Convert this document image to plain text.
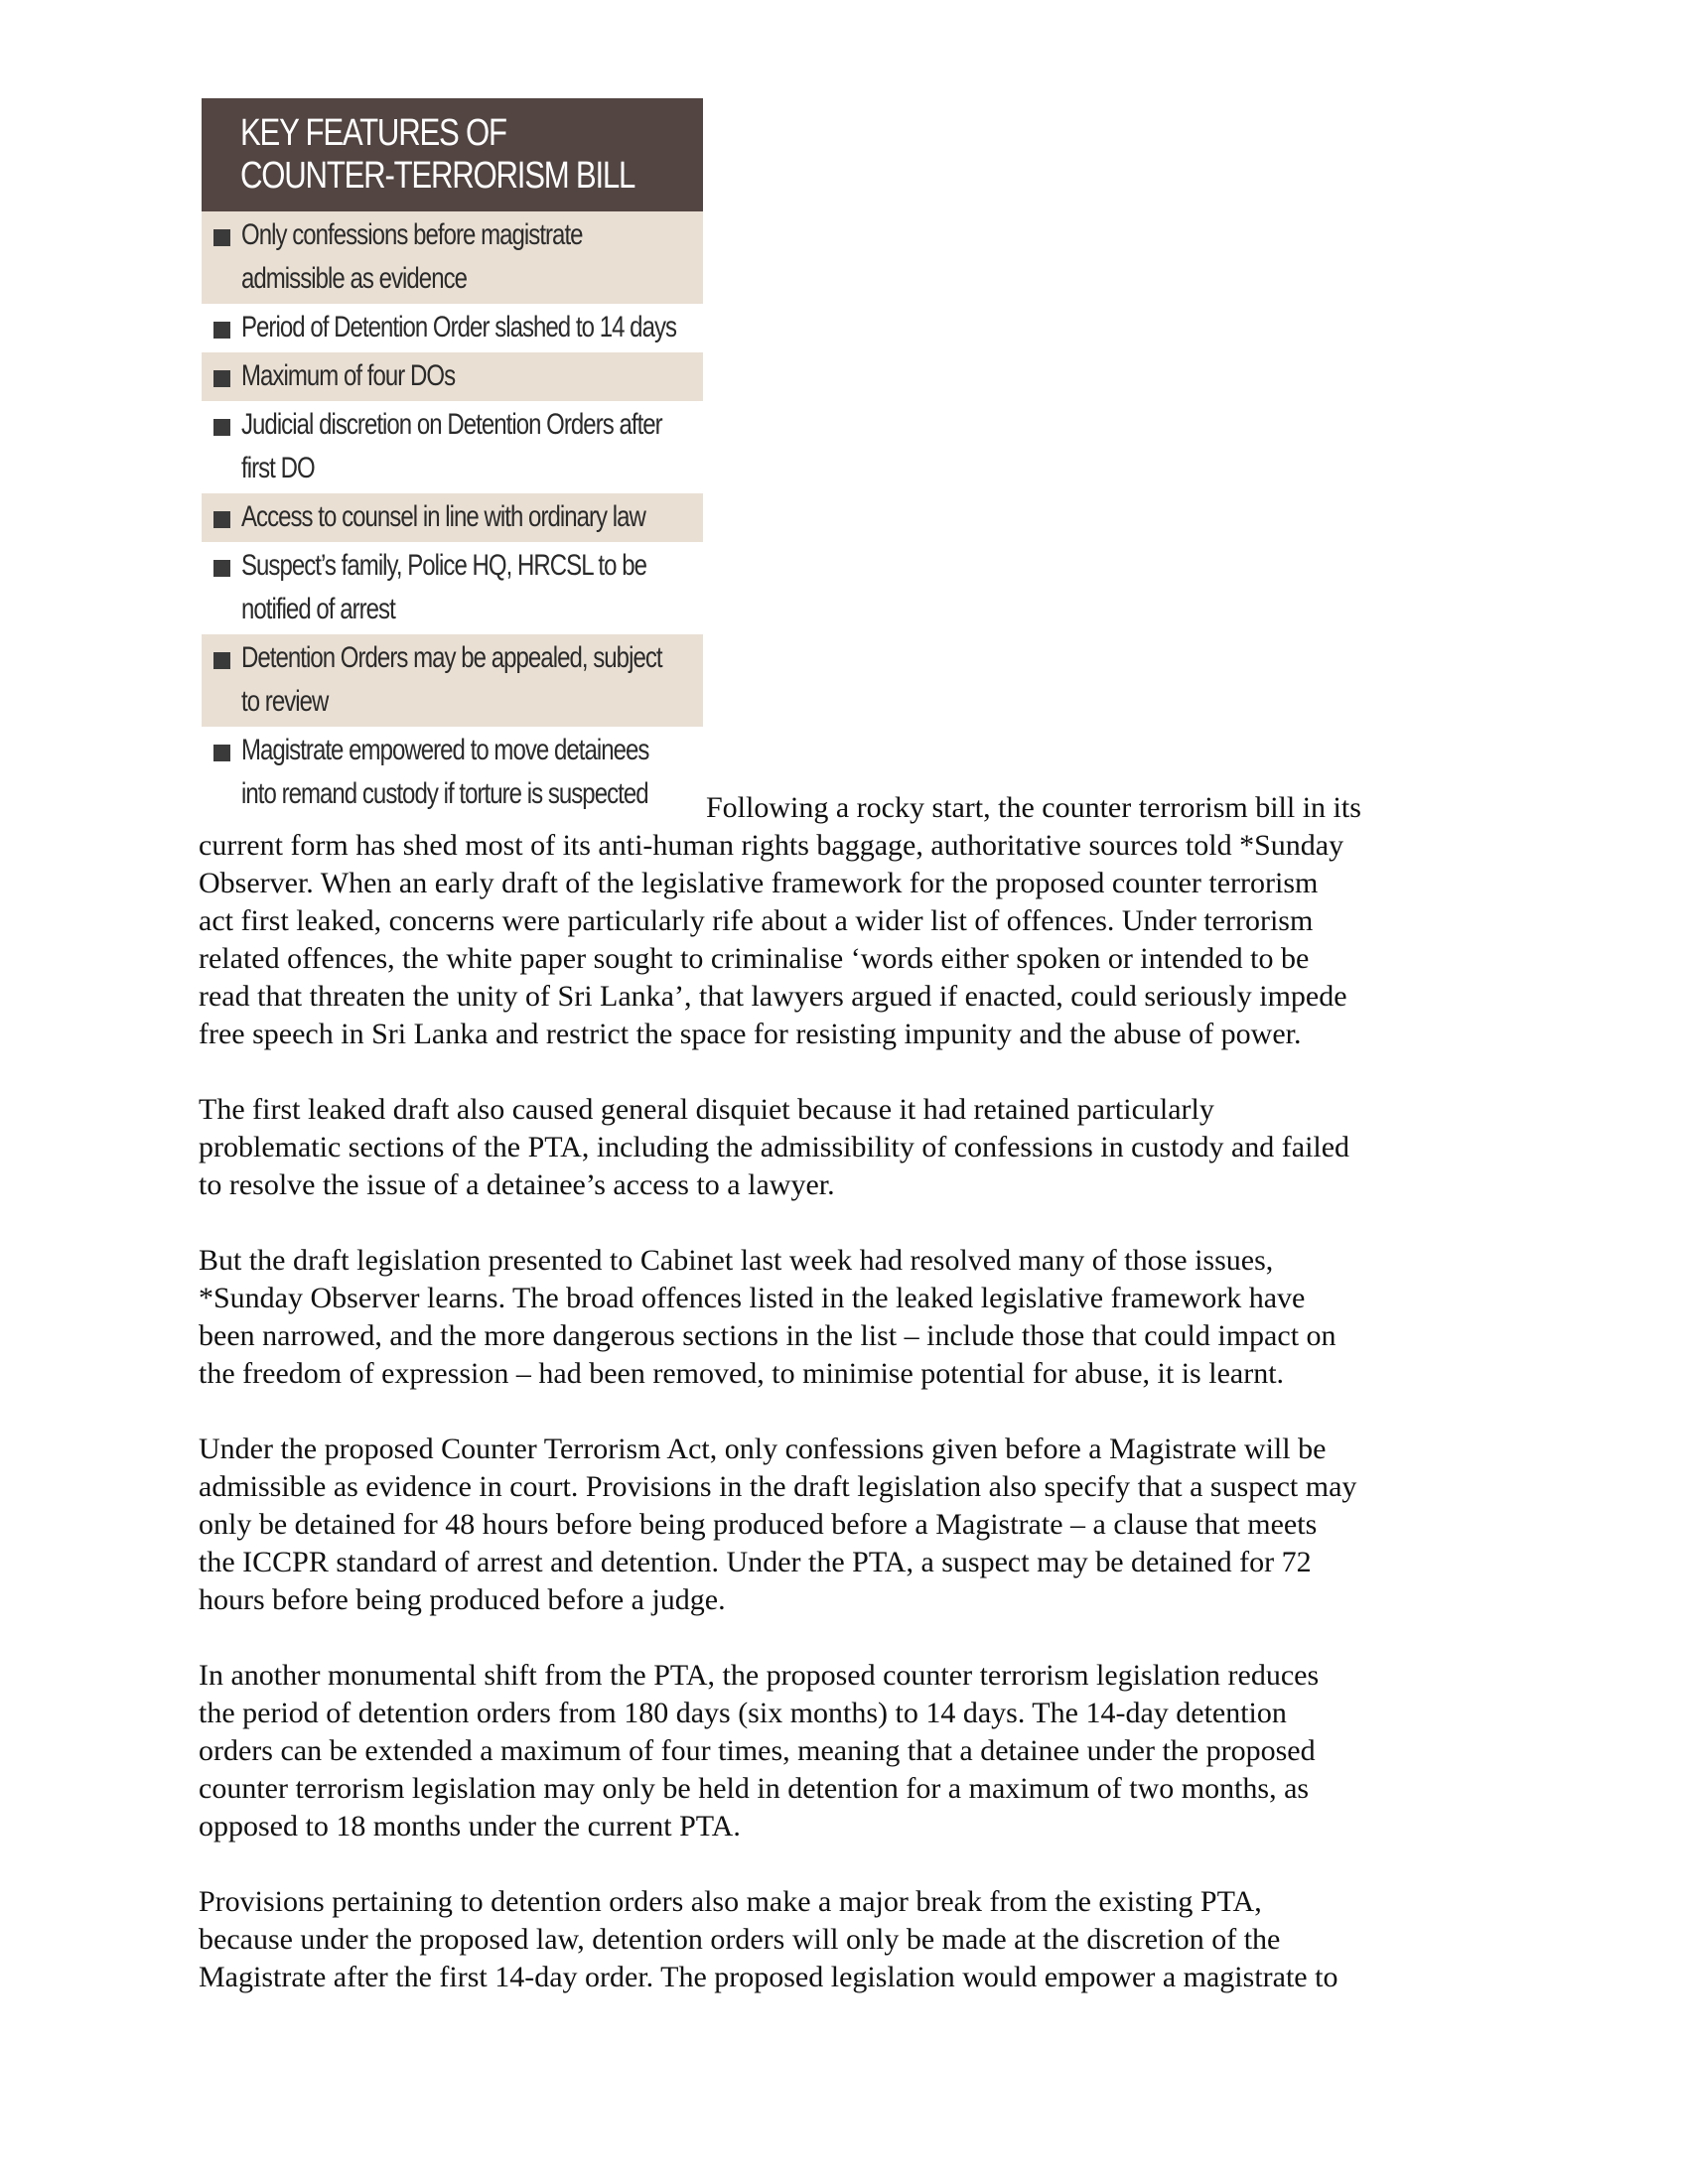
KEY FEATURES OF
COUNTER-TERRORISM BILL
Only confessions before magistrate
admissible as evidence
Period of Detention Order slashed to 14 days
Maximum of four DOs
Judicial discretion on Detention Orders after
first DO
Access to counsel in line with ordinary law
Suspect’s family, Police HQ, HRCSL to be
notified of arrest
Detention Orders may be appealed, subject
to review
Magistrate empowered to move detainees
into remand custody if torture is suspected	Following a rocky start, the counter terrorism bill in its

current form has shed most of its anti-human rights baggage, authoritative sources told *Sunday
Observer. When an early draft of the legislative framework for the proposed counter terrorism
act first leaked, concerns were particularly rife about a wider list of offences. Under terrorism
related offences, the white paper sought to criminalise ‘words either spoken or intended to be
read that threaten the unity of Sri Lanka’, that lawyers argued if enacted, could seriously impede
free speech in Sri Lanka and restrict the space for resisting impunity and the abuse of power.

The first leaked draft also caused general disquiet because it had retained particularly
problematic sections of the PTA, including the admissibility of confessions in custody and failed
to resolve the issue of a detainee’s access to a lawyer.

But the draft legislation presented to Cabinet last week had resolved many of those issues,
*Sunday Observer learns. The broad offences listed in the leaked legislative framework have
been narrowed, and the more dangerous sections in the list – include those that could impact on
the freedom of expression – had been removed, to minimise potential for abuse, it is learnt.

Under the proposed Counter Terrorism Act, only confessions given before a Magistrate will be
admissible as evidence in court. Provisions in the draft legislation also specify that a suspect may
only be detained for 48 hours before being produced before a Magistrate – a clause that meets
the ICCPR standard of arrest and detention. Under the PTA, a suspect may be detained for 72
hours before being produced before a judge.

In another monumental shift from the PTA, the proposed counter terrorism legislation reduces
the period of detention orders from 180 days (six months) to 14 days. The 14-day detention
orders can be extended a maximum of four times, meaning that a detainee under the proposed
counter terrorism legislation may only be held in detention for a maximum of two months, as
opposed to 18 months under the current PTA.

Provisions pertaining to detention orders also make a major break from the existing PTA,
because under the proposed law, detention orders will only be made at the discretion of the
Magistrate after the first 14-day order. The proposed legislation would empower a magistrate to
